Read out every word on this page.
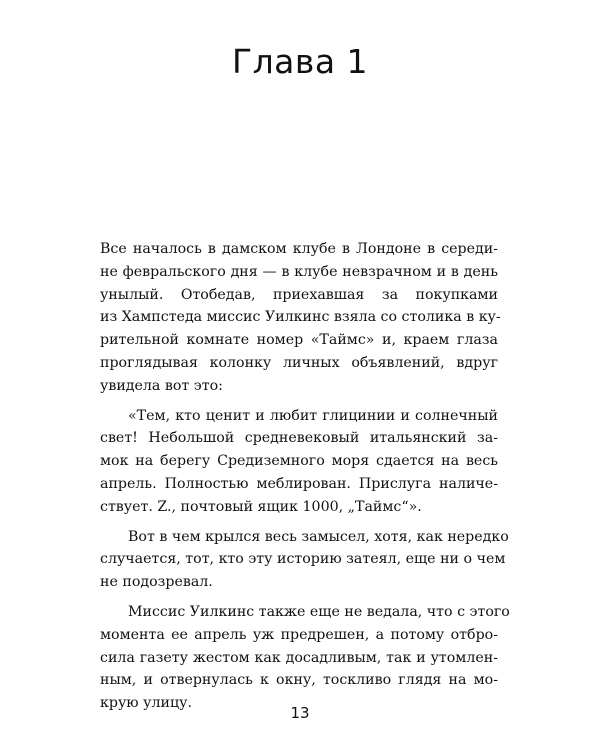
Глава 1

Все началось в дамском клубе в Лондоне в середи-
не февральского дня — в клубе невзрачном и в день
унылый. Отобедав, приехавшая за покупками
из Хампстеда миссис Уилкинс взяла со столика в ку-
рительной комнате номер «Таймс» и, краем глаза
проглядывая колонку личных объявлений, вдруг
увидела вот это:

«Тем, кто ценит и любит глицинии и солнечный
свет! Небольшой средневековый итальянский за-
мок на берегу Средиземного моря сдается на весь
апрель. Полностью меблирован. Прислуга наличе-
ствует. Z., почтовый ящик 1000, „Таймс“».

Вот в чем крылся весь замысел, хотя, как нередко
случается, тот, кто эту историю затеял, еще ни о чем
не подозревал.

Миссис Уилкинс также еще не ведала, что с этого
момента ее апрель уж предрешен, а потому отбро-
сила газету жестом как досадливым, так и утомлен-
ным, и отвернулась к окну, тоскливо глядя на мо-
крую улицу.

13
